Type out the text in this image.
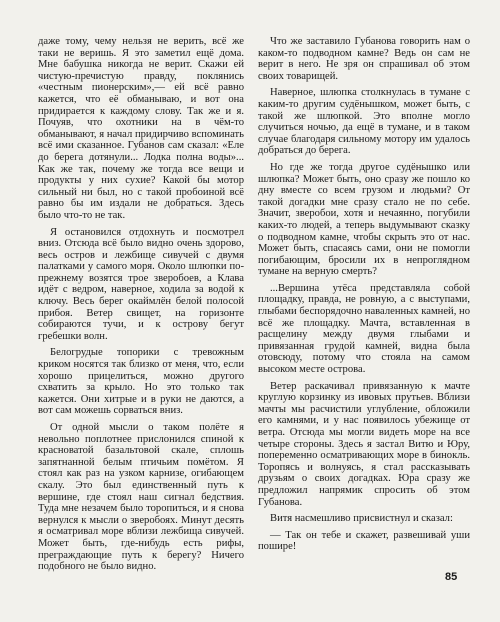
даже тому, чему нельзя не верить, всё же таки не веришь. Я это заметил ещё дома. Мне бабушка никогда не верит. Скажи ей чистую-пречистую правду, поклянись «честным пионерским»,— ей всё равно кажется, что её обманываю, и вот она придирается к каждому слову. Так же и я. Почуяв, что охотники на в чём-то обманывают, я начал придирчиво вспоминать всё ими сказанное. Губанов сам сказал: «Еле до берега дотянули... Лодка полна воды»... Как же так, почему же тогда все вещи и продукты у них сухие? Какой бы мотор сильный ни был, но с такой пробоиной всё равно бы им издали не добраться. Здесь было что-то не так.

Я остановился отдохнуть и посмотрел вниз. Отсюда всё было видно очень здорово, весь остров и лежбище сивучей с двумя палатками у самого моря. Около шлюпки по-прежнему возятся трое зверобоев, а Клава идёт с ведром, наверное, ходила за водой к ключу. Весь берег окаймлён белой полосой прибоя. Ветер свищет, на горизонте собираются тучи, и к острову бегут гребешки волн.

Белогрудые топорики с тревожным криком носятся так близко от меня, что, если хорошо прицелиться, можно другого схватить за крыло. Но это только так кажется. Они хитрые и в руки не даются, а вот сам можешь сорваться вниз.

От одной мысли о таком полёте я невольно поплотнее прислонился спиной к красноватой базальтовой скале, сплошь запятнанной белым птичьим помётом. Я стоял как раз на узком карнизе, огибающем скалу. Это был единственный путь к вершине, где стоял наш сигнал бедствия. Туда мне незачем было торопиться, и я снова вернулся к мысли о зверобоях. Минут десять я осматривал море вблизи лежбища сивучей. Может быть, где-нибудь есть рифы, преграждающие путь к берегу? Ничего подобного не было видно.

Что же заставило Губанова говорить нам о каком-то подводном камне? Ведь он сам не верит в него. Не зря он спрашивал об этом своих товарищей.

Наверное, шлюпка столкнулась в тумане с каким-то другим судёнышком, может быть, с такой же шлюпкой. Это вполне могло случиться ночью, да ещё в тумане, и в таком случае благодаря сильному мотору им удалось добраться до берега.

Но где же тогда другое судёнышко или шлюпка? Может быть, оно сразу же пошло ко дну вместе со всем грузом и людьми? От такой догадки мне сразу стало не по себе. Значит, зверобои, хотя и нечаянно, погубили каких-то людей, а теперь выдумывают сказку о подводном камне, чтобы скрыть это от нас. Может быть, спасаясь сами, они не помогли погибающим, бросили их в непроглядном тумане на верную смерть?

...Вершина утёса представляла собой площадку, правда, не ровную, а с выступами, глыбами беспорядочно наваленных камней, но всё же площадку. Мачта, вставленная в расщелину между двумя глыбами и привязанная грудой камней, видна была отовсюду, потому что стояла на самом высоком месте острова.

Ветер раскачивал привязанную к мачте круглую корзинку из ивовых прутьев. Вблизи мачты мы расчистили углубление, обложили его камнями, и у нас появилось убежище от ветра. Отсюда мы могли видеть море на все четыре стороны. Здесь я застал Витю и Юру, попеременно осматривающих море в бинокль. Торопясь и волнуясь, я стал рассказывать друзьям о своих догадках. Юра сразу же предложил напрямик спросить об этом Губанова.

Витя насмешливо присвистнул и сказал:

— Так он тебе и скажет, развешивай уши пошире!

85
